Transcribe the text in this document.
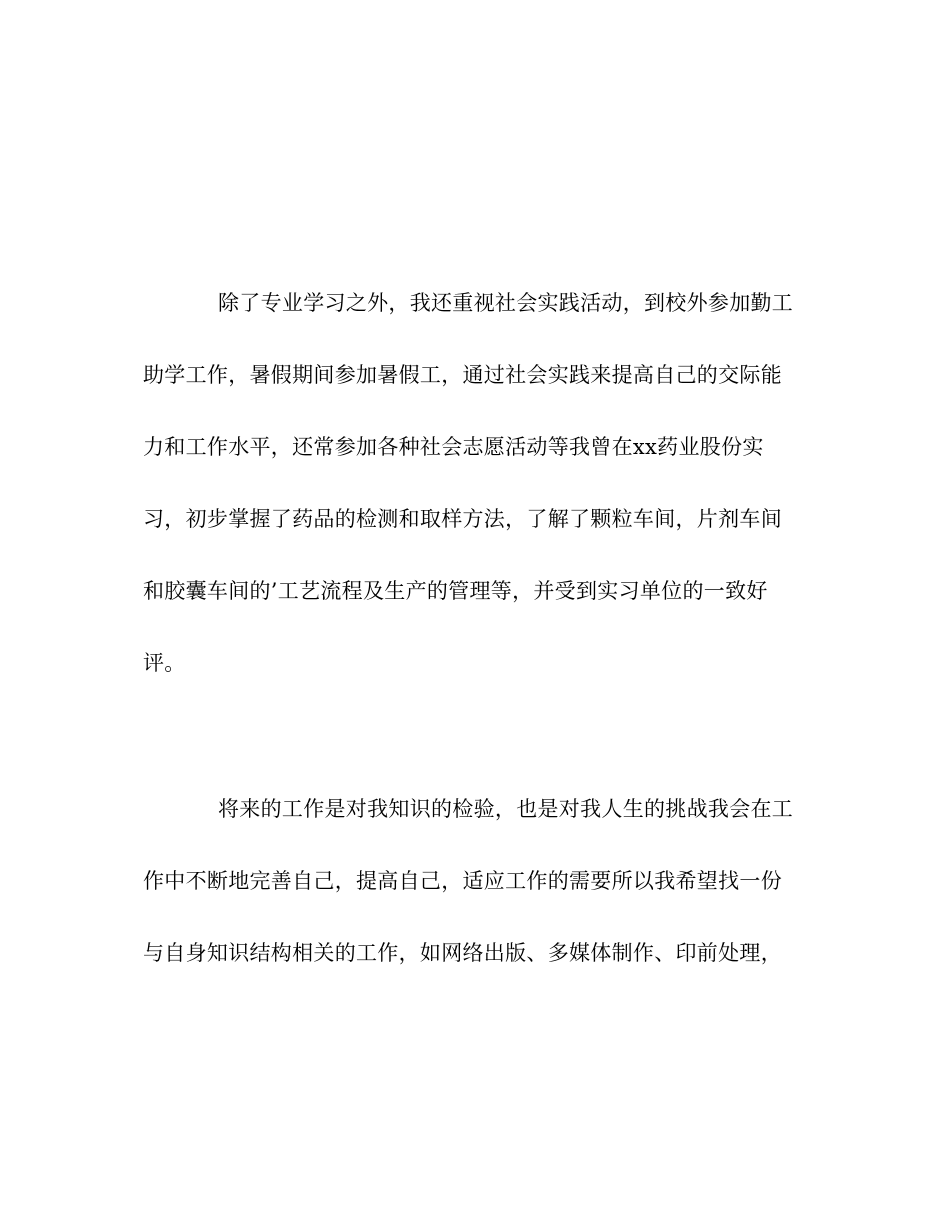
除了专业学习之外，我还重视社会实践活动，到校外参加勤工
助学工作，暑假期间参加暑假工，通过社会实践来提高自己的交际能
力和工作水平，还常参加各种社会志愿活动等我曾在xx药业股份实
习，初步掌握了药品的检测和取样方法，了解了颗粒车间，片剂车间
和胶囊车间的’工艺流程及生产的管理等，并受到实习单位的一致好
评。
将来的工作是对我知识的检验，也是对我人生的挑战我会在工
作中不断地完善自己，提高自己，适应工作的需要所以我希望找一份
与自身知识结构相关的工作，如网络出版、多媒体制作、印前处理，
